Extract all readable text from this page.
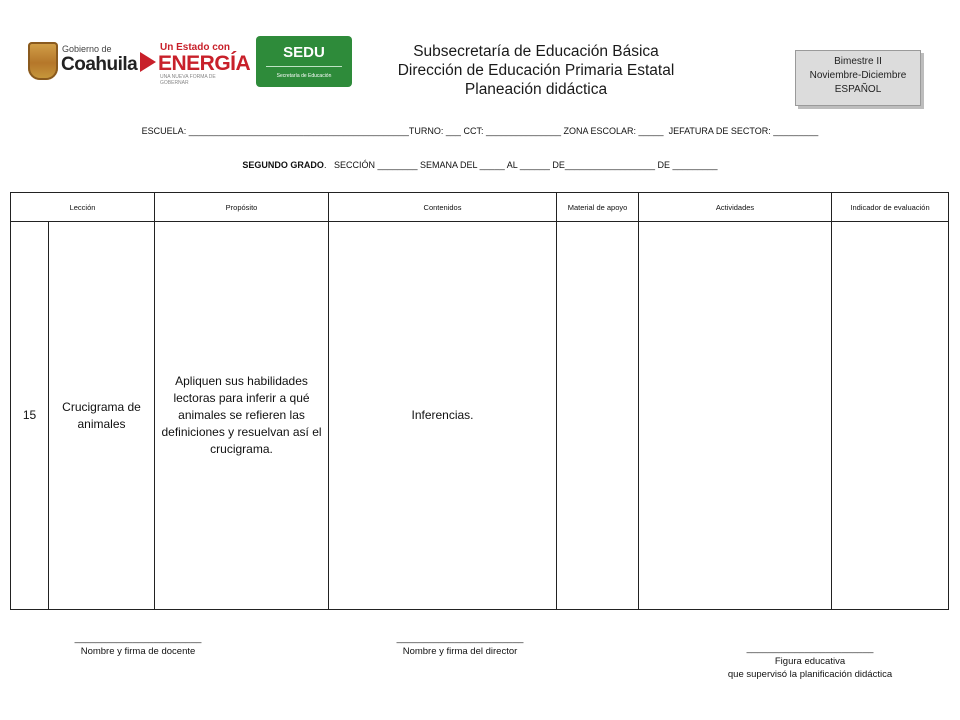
Gobierno de
Coahuila
Un Estado con
ENERGÍA
UNA NUEVA FORMA DE GOBERNAR
SEDU
Secretaría de Educación
Subsecretaría de Educación Básica
Dirección de Educación Primaria Estatal
Planeación didáctica
Bimestre II
Noviembre-Diciembre
ESPAÑOL
ESCUELA: ____________________________________________TURNO: ___ CCT: _______________ ZONA ESCOLAR: _____  JEFATURA DE SECTOR: _________
SEGUNDO GRADO.   SECCIÓN ________ SEMANA DEL _____ AL ______ DE__________________ DE _________
Lección		Propósito	Contenidos	Material de apoyo	Actividades	Indicador de evaluación
15	Crucigrama de animales	Apliquen sus habilidades lectoras para inferir a qué animales se refieren las definiciones y resuelvan así el crucigrama.	Inferencias.			
________________________
Nombre y firma de docente
________________________
Nombre y firma del director	________________________
Figura educativa
que supervisó la planificación didáctica
